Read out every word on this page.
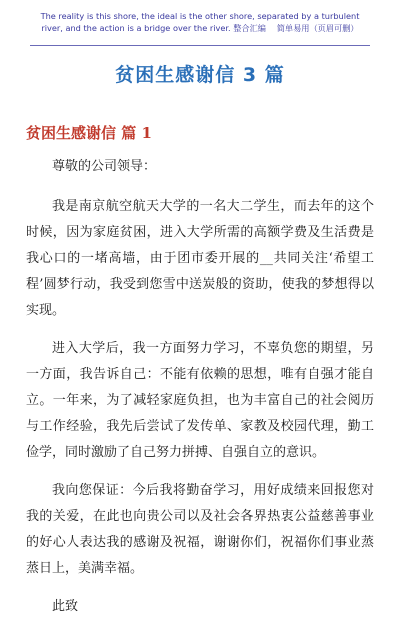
The reality is this shore, the ideal is the other shore, separated by a turbulent river, and the action is a bridge over the river. 整合汇编　 简单易用（页眉可删）
贫困生感谢信 3 篇
贫困生感谢信 篇 1

尊敬的公司领导：

我是南京航空航天大学的一名大二学生，而去年的这个时候，因为家庭贫困，进入大学所需的高额学费及生活费是我心口的一堵高墙，由于团市委开展的__共同关注‘希望工程’圆梦行动，我受到您雪中送炭般的资助，使我的梦想得以实现。

进入大学后，我一方面努力学习，不辜负您的期望，另一方面，我告诉自己：不能有依赖的思想，唯有自强才能自立。一年来，为了减轻家庭负担，也为丰富自己的社会阅历与工作经验，我先后尝试了发传单、家教及校园代理，勤工俭学，同时激励了自己努力拼搏、自强自立的意识。

我向您保证：今后我将勤奋学习，用好成绩来回报您对我的关爱，在此也向贵公司以及社会各界热衷公益慈善事业的好心人表达我的感谢及祝福，谢谢你们，祝福你们事业蒸蒸日上，美满幸福。

此致
